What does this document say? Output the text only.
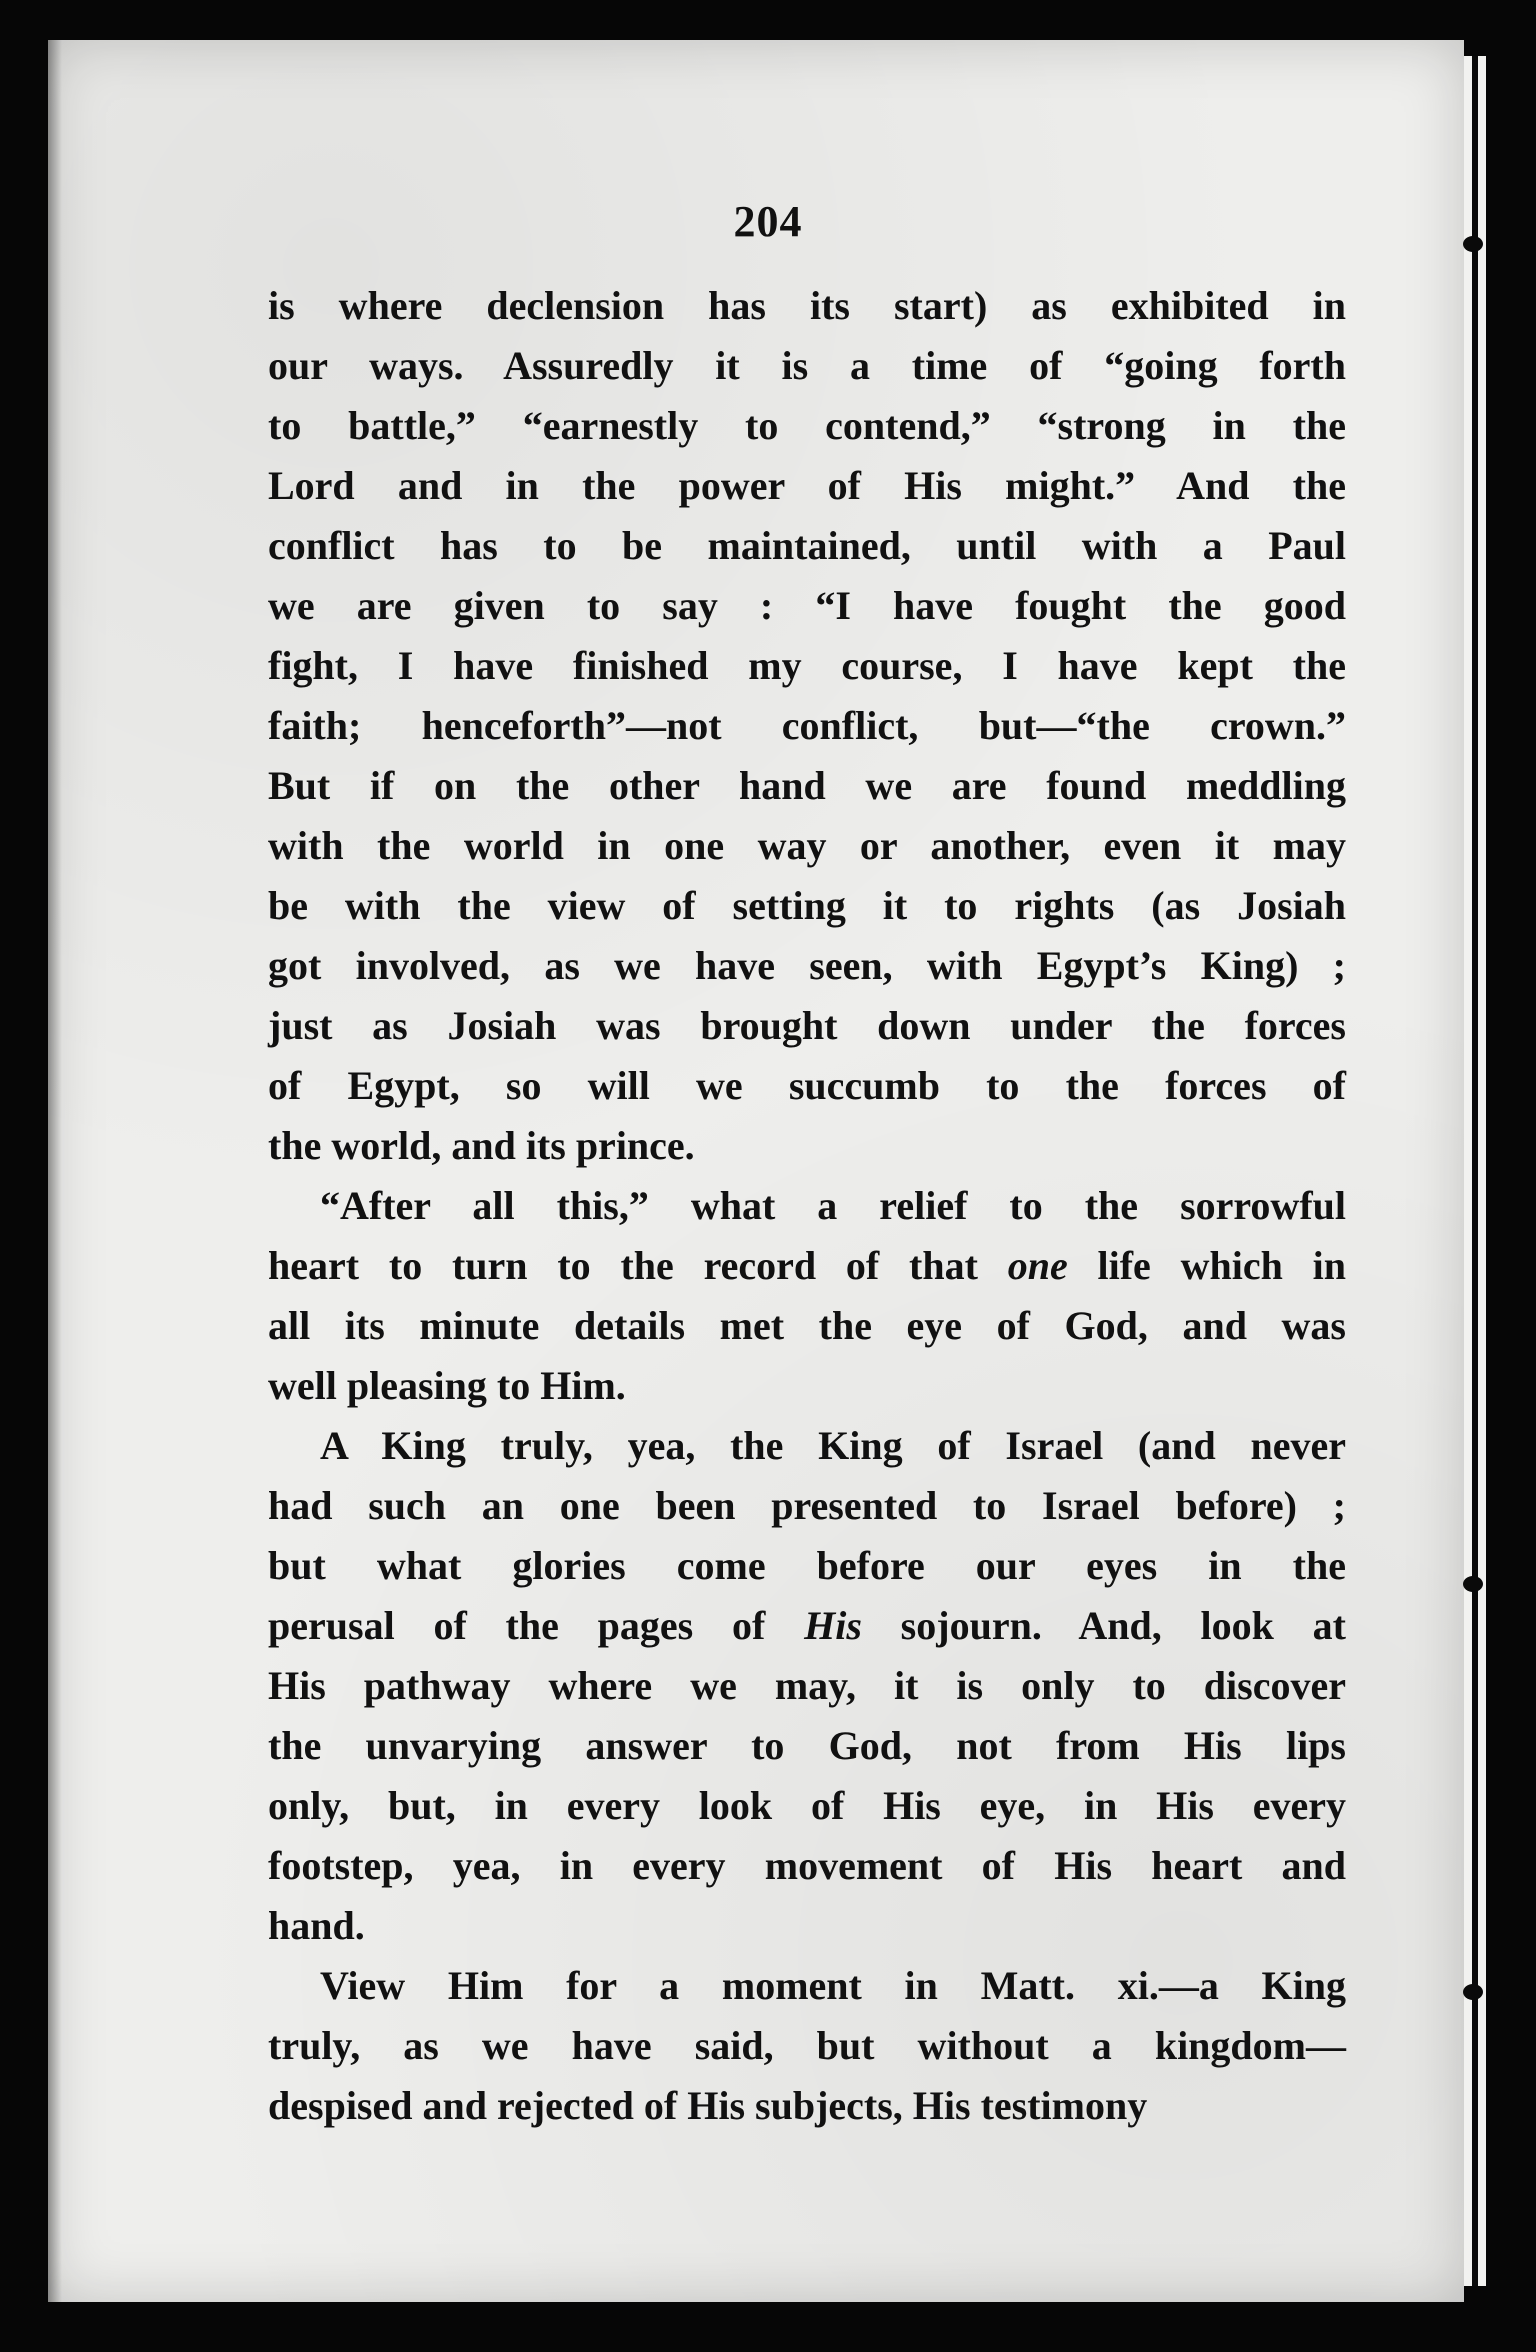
204
is where declension has its start) as exhibited in
our ways. Assuredly it is a time of “going forth
to battle,” “earnestly to contend,” “strong in the
Lord and in the power of His might.” And the
conflict has to be maintained, until with a Paul
we are given to say : “I have fought the good
fight, I have finished my course, I have kept the
faith; henceforth”—not conflict, but—“the crown.”
But if on the other hand we are found meddling
with the world in one way or another, even it may
be with the view of setting it to rights (as Josiah
got involved, as we have seen, with Egypt’s King) ;
just as Josiah was brought down under the forces
of Egypt, so will we succumb to the forces of
the world, and its prince.
“After all this,” what a relief to the sorrowful
heart to turn to the record of that one life which in
all its minute details met the eye of God, and was
well pleasing to Him.
A King truly, yea, the King of Israel (and never
had such an one been presented to Israel before) ;
but what glories come before our eyes in the
perusal of the pages of His sojourn. And, look at
His pathway where we may, it is only to discover
the unvarying answer to God, not from His lips
only, but, in every look of His eye, in His every
footstep, yea, in every movement of His heart and
hand.
View Him for a moment in Matt. xi.—a King
truly, as we have said, but without a kingdom—
despised and rejected of His subjects, His testimony
